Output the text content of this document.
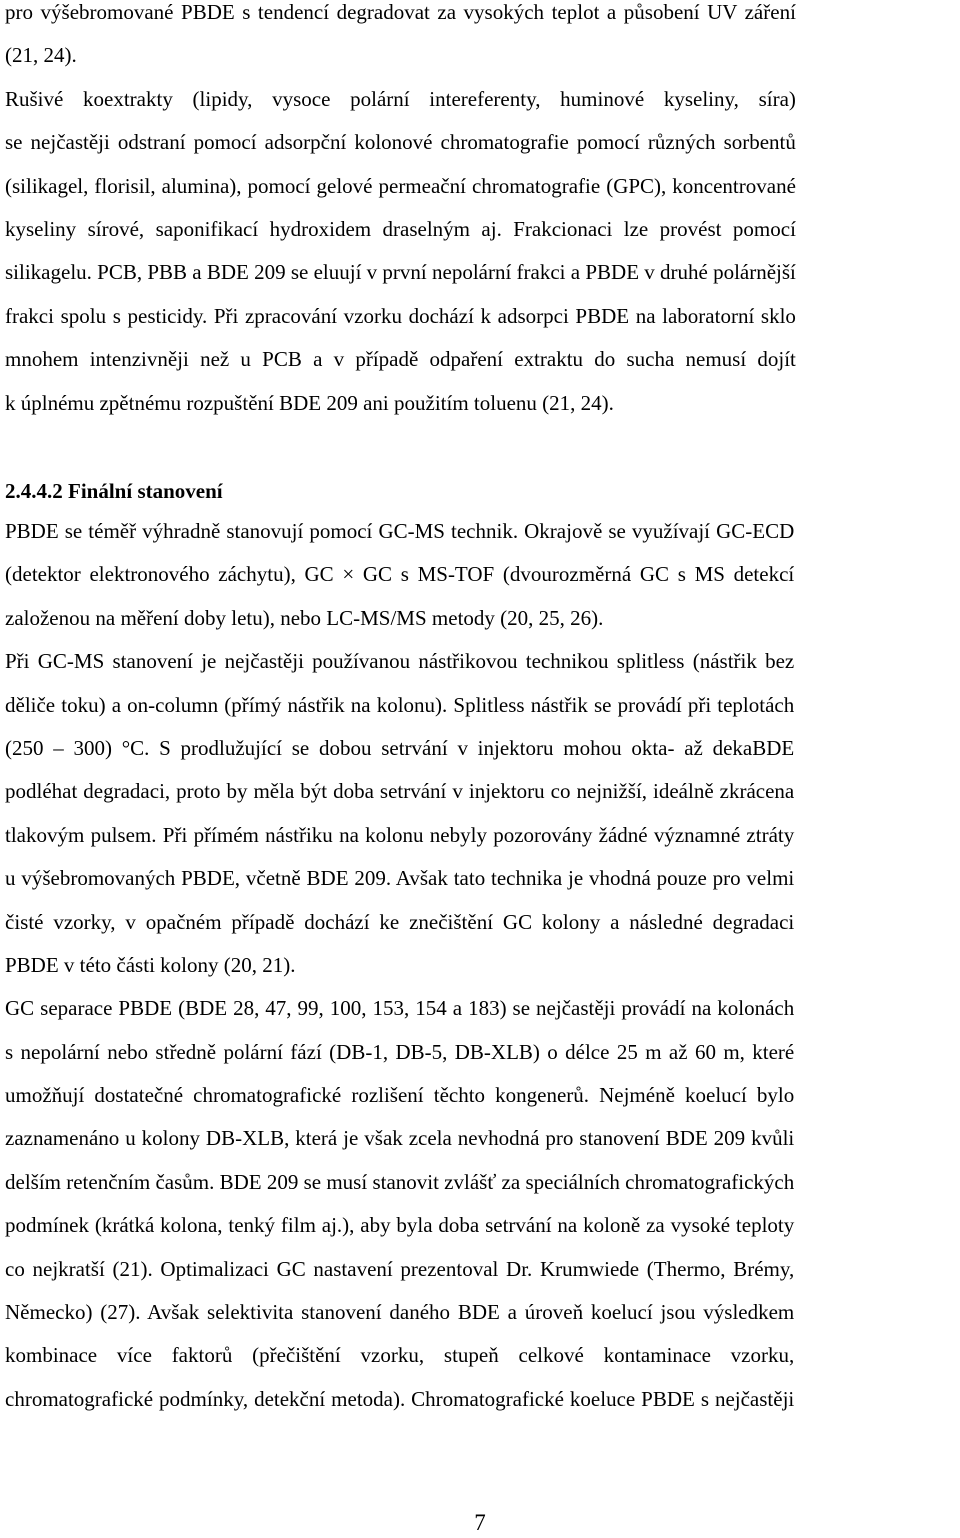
pro výšebromované PBDE s tendencí degradovat za vysokých teplot a působení UV záření
(21, 24).
Rušivé koextrakty (lipidy, vysoce polární intereferenty, huminové kyseliny, síra)
se nejčastěji odstraní pomocí adsorpční kolonové chromatografie pomocí různých sorbentů
(silikagel, florisil, alumina), pomocí gelové permeační chromatografie (GPC), koncentrované
kyseliny sírové, saponifikací hydroxidem draselným aj. Frakcionaci lze provést pomocí
silikagelu. PCB, PBB a BDE 209 se eluují v první nepolární frakci a PBDE v druhé polárnější
frakci spolu s pesticidy. Při zpracování vzorku dochází k adsorpci PBDE na laboratorní sklo
mnohem intenzivněji než u PCB a v případě odpaření extraktu do sucha nemusí dojít
k úplnému zpětnému rozpuštění BDE 209 ani použitím toluenu (21, 24).
2.4.4.2 Finální stanovení
PBDE se téměř výhradně stanovují pomocí GC-MS technik. Okrajově se využívají GC-ECD
(detektor elektronového záchytu), GC × GC s MS-TOF (dvourozměrná GC s MS detekcí
založenou na měření doby letu), nebo LC-MS/MS metody (20, 25, 26).
Při GC-MS stanovení je nejčastěji používanou nástřikovou technikou splitless (nástřik bez
děliče toku) a on-column (přímý nástřik na kolonu). Splitless nástřik se provádí při teplotách
(250 – 300) °C. S prodlužující se dobou setrvání v injektoru mohou okta- až dekaBDE
podléhat degradaci, proto by měla být doba setrvání v injektoru co nejnižší, ideálně zkrácena
tlakovým pulsem. Při přímém nástřiku na kolonu nebyly pozorovány žádné významné ztráty
u výšebromovaných PBDE, včetně BDE 209. Avšak tato technika je vhodná pouze pro velmi
čisté vzorky, v opačném případě dochází ke znečištění GC kolony a následné degradaci
PBDE v této části kolony (20, 21).
GC separace PBDE (BDE 28, 47, 99, 100, 153, 154 a 183) se nejčastěji provádí na kolonách
s nepolární nebo středně polární fází (DB-1, DB-5, DB-XLB) o délce 25 m až 60 m, které
umožňují dostatečné chromatografické rozlišení těchto kongenerů. Nejméně koelucí bylo
zaznamenáno u kolony DB-XLB, která je však zcela nevhodná pro stanovení BDE 209 kvůli
delším retenčním časům. BDE 209 se musí stanovit zvlášť za speciálních chromatografických
podmínek (krátká kolona, tenký film aj.), aby byla doba setrvání na koloně za vysoké teploty
co nejkratší (21). Optimalizaci GC nastavení prezentoval Dr. Krumwiede (Thermo, Brémy,
Německo) (27). Avšak selektivita stanovení daného BDE a úroveň koelucí jsou výsledkem
kombinace více faktorů (přečištění vzorku, stupeň celkové kontaminace vzorku,
chromatografické podmínky, detekční metoda). Chromatografické koeluce PBDE s nejčastěji
7
